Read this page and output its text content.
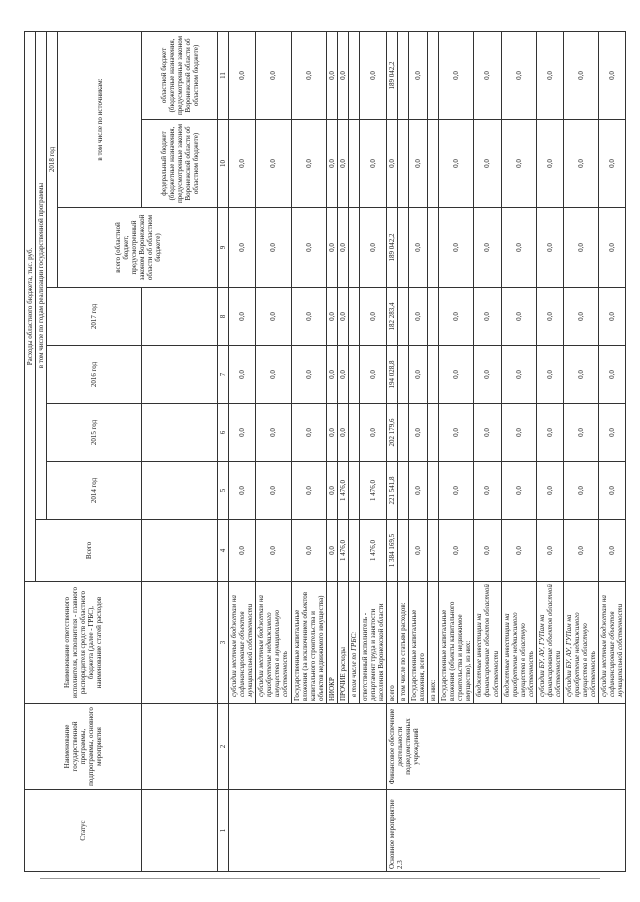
Статус	Наименование государственной программы, подпрограммы, основного мероприятия	Наименование ответственного исполнителя, исполнителя - главного распорядителя средств областного бюджета (далее - ГРБС), наименование статей расходов	Расходы областного бюджета, тыс. руб.							
			Всего	в том числе по годам реализации государственной программы						
				2014 год	2015 год	2016 год	2017 год	2018 год		
								всего (областной бюджет, предусмотренный законом Воронежской области об областном бюджете)	в том числе по источникам:	
									федеральный бюджет (бюджетные назначения, предусмотренные законом Воронежской области об областном бюджете)	областной бюджет (бюджетные назначения, предусмотренные законом Воронежской области об областном бюджете)
1	2	3	4	5	6	7	8	9	10	11
		субсидии местным бюджетам на софинансирование объектов муниципальной собственности	0,0	0,0	0,0	0,0	0,0	0,0	0,0	0,0
		субсидии местным бюджетам на приобретение недвижимого имущества в муниципальную собственность	0,0	0,0	0,0	0,0	0,0	0,0	0,0	0,0
		Государственные капитальные вложения (за исключением объектов капитального строительства и объектов недвижимого имущества)	0,0	0,0	0,0	0,0	0,0	0,0	0,0	0,0
		НИОКР	0,0	0,0	0,0	0,0	0,0	0,0	0,0	0,0
		ПРОЧИЕ расходы	1 476,0	1 476,0	0,0	0,0	0,0	0,0	0,0	0,0
		в том числе по ГРБС:								
		ответственный исполнитель - департамент труда и занятости населения Воронежской области	1 476,0	1 476,0	0,0	0,0	0,0	0,0	0,0	0,0
Основное мероприятие 2.3	Финансовое обеспечение деятельности подведомственных учреждений	всего	1 384 169,5	221 541,8	202 179,6	194 028,8	182 283,4	189 042,2	0,0	189 042,2
		в том числе по статьям расходов:								
		Государственные капитальные вложения, всего	0,0	0,0	0,0	0,0	0,0	0,0	0,0	0,0
		из них:								
		Государственные капитальные вложения (объекты капитального строительства и недвижимое имущество), из них:	0,0	0,0	0,0	0,0	0,0	0,0	0,0	0,0
		бюджетные инвестиции на финансирование объектов областной собственности	0,0	0,0	0,0	0,0	0,0	0,0	0,0	0,0
		бюджетные инвестиции на приобретение недвижимого имущества в областную собственность	0,0	0,0	0,0	0,0	0,0	0,0	0,0	0,0
		субсидии БУ, АУ, ГУПам на финансирование объектов областной собственности	0,0	0,0	0,0	0,0	0,0	0,0	0,0	0,0
		субсидии БУ, АУ, ГУПам на приобретение недвижимого имущества в областную собственность	0,0	0,0	0,0	0,0	0,0	0,0	0,0	0,0
		субсидии местным бюджетам на софинансирование объектов муниципальной собственности	0,0	0,0	0,0	0,0	0,0	0,0	0,0	0,0
